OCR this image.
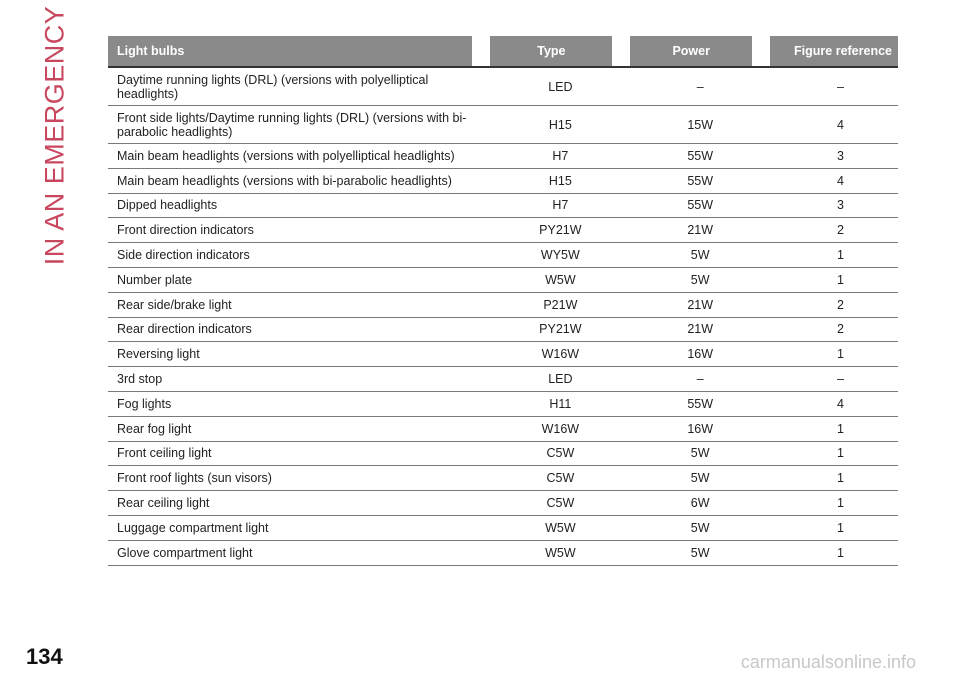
IN AN EMERGENCY	Light bulbs		Type		Power		Figure reference
Daytime running lights (DRL) (versions with polyelliptical headlights)		LED		–		–
Front side lights/Daytime running lights (DRL) (versions with bi-parabolic headlights)		H15		15W		4
Main beam headlights (versions with polyelliptical headlights)		H7		55W		3
Main beam headlights (versions with bi-parabolic headlights)		H15		55W		4
Dipped headlights		H7		55W		3
Front direction indicators		PY21W		21W		2
Side direction indicators		WY5W		5W		1
Number plate		W5W		5W		1
Rear side/brake light		P21W		21W		2
Rear direction indicators		PY21W		21W		2
Reversing light		W16W		16W		1
3rd stop		LED		–		–
Fog lights		H11		55W		4
Rear fog light		W16W		16W		1
Front ceiling light		C5W		5W		1
Front roof lights (sun visors)		C5W		5W		1
Rear ceiling light		C5W		6W		1
Luggage compartment light		W5W		5W		1
Glove compartment light		W5W		5W		1
134	carmanualsonline.info
